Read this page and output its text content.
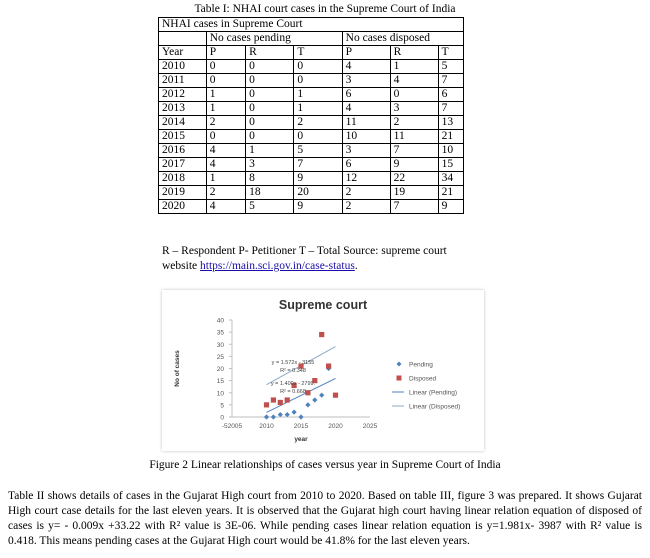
Table I: NHAI court cases in the Supreme Court of India
NHAI cases in Supreme Court						
	No cases pending			No cases disposed		
Year	P	R	T	P	R	T
2010	0	0	0	4	1	5
2011	0	0	0	3	4	7
2012	1	0	1	6	0	6
2013	1	0	1	4	3	7
2014	2	0	2	11	2	13
2015	0	0	0	10	11	21
2016	4	1	5	3	7	10
2017	4	3	7	6	9	15
2018	1	8	9	12	22	34
2019	2	18	20	2	19	21
2020	4	5	9	2	7	9
R – Respondent P- Petitioner T – Total Source: supreme court
website https://main.sci.gov.in/case-status.
Supreme court
0
5
10
15
20
25
30
35
40
-52005	2010	2015	2020	2025
No of cases
year
y = 1.572x - 3155
R² = 0.348
y = 1.400x - 2799.
R² = 0.668
Pending
Disposed
Linear (Pending)
Linear (Disposed)
Figure 2 Linear relationships of cases versus year in Supreme Court of India
Table II shows details of cases in the Gujarat High court from 2010 to 2020. Based on table III, figure 3 was prepared. It shows Gujarat High court case details for the last eleven years. It is observed that the Gujarat high court having linear relation equation of disposed of cases is y= - 0.009x +33.22 with R² value is 3E-06. While pending cases linear relation equation is y=1.981x- 3987 with R² value is 0.418. This means pending cases at the Gujarat High court would be 41.8% for the last eleven years.
